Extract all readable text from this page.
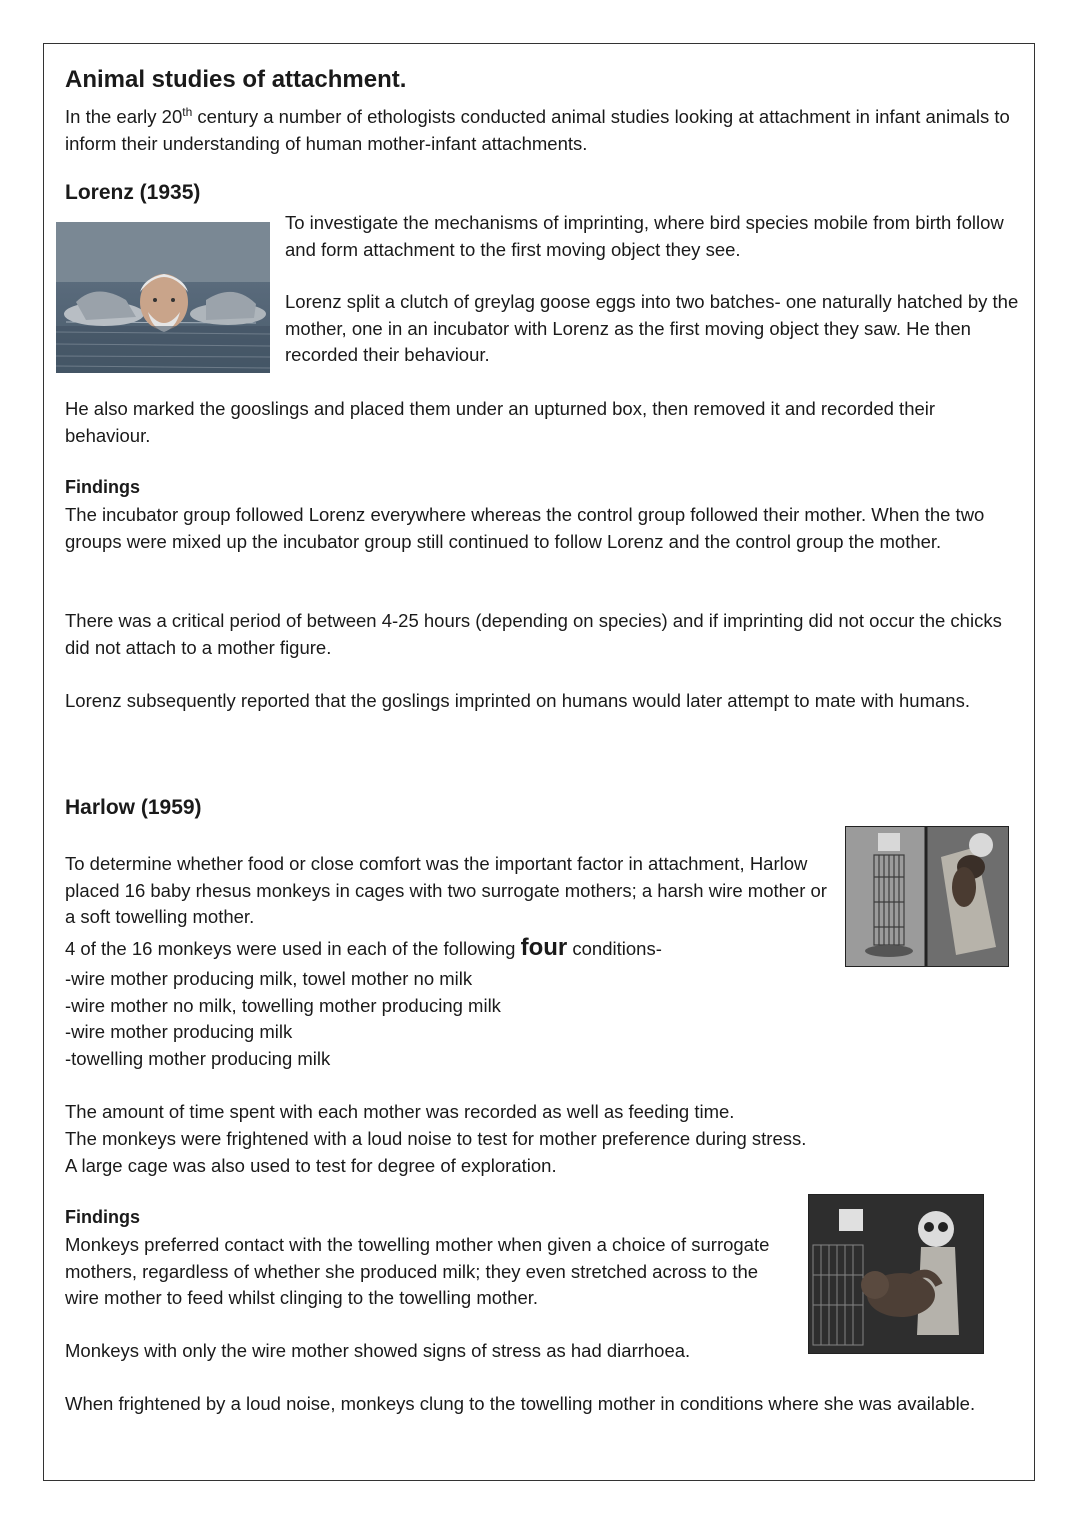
Animal studies of attachment.

In the early 20th century a number of ethologists conducted animal studies looking at attachment in infant animals to inform their understanding of human mother-infant attachments.

Lorenz (1935)

To investigate the mechanisms of imprinting, where bird species mobile from birth follow and form attachment to the first moving object they see.

Lorenz split a clutch of greylag goose eggs into two batches- one naturally hatched by the mother, one in an incubator with Lorenz as the first moving object they saw. He then recorded their behaviour.

He also marked the gooslings and placed them under an upturned box, then removed it and recorded their behaviour.

Findings

The incubator group followed Lorenz everywhere whereas the control group followed their mother. When the two groups were mixed up the incubator group still continued to follow Lorenz and the control group the mother.

There was a critical period of between 4-25 hours (depending on species) and if imprinting did not occur the chicks did not attach to a mother figure.

Lorenz subsequently reported that the goslings imprinted on humans would later attempt to mate with humans.

Harlow (1959)

To determine whether food or close comfort was the important factor in attachment, Harlow placed 16 baby rhesus monkeys in cages with two surrogate mothers; a harsh wire mother or a soft towelling mother.

4 of the 16 monkeys were used in each of the following four conditions-

-wire mother producing milk, towel mother no milk
-wire mother no milk, towelling mother producing milk
-wire mother producing milk
-towelling mother producing milk

The amount of time spent with each mother was recorded as well as feeding time.

The monkeys were frightened with a loud noise to test for mother preference during stress.

A large cage was also used to test for degree of exploration.

Findings

Monkeys preferred contact with the towelling mother when given a choice of surrogate mothers, regardless of whether she produced milk; they even stretched across to the wire mother to feed whilst clinging to the towelling mother.

Monkeys with only the wire mother showed signs of stress as had diarrhoea.

When frightened by a loud noise, monkeys clung to the towelling mother in conditions where she was available.
